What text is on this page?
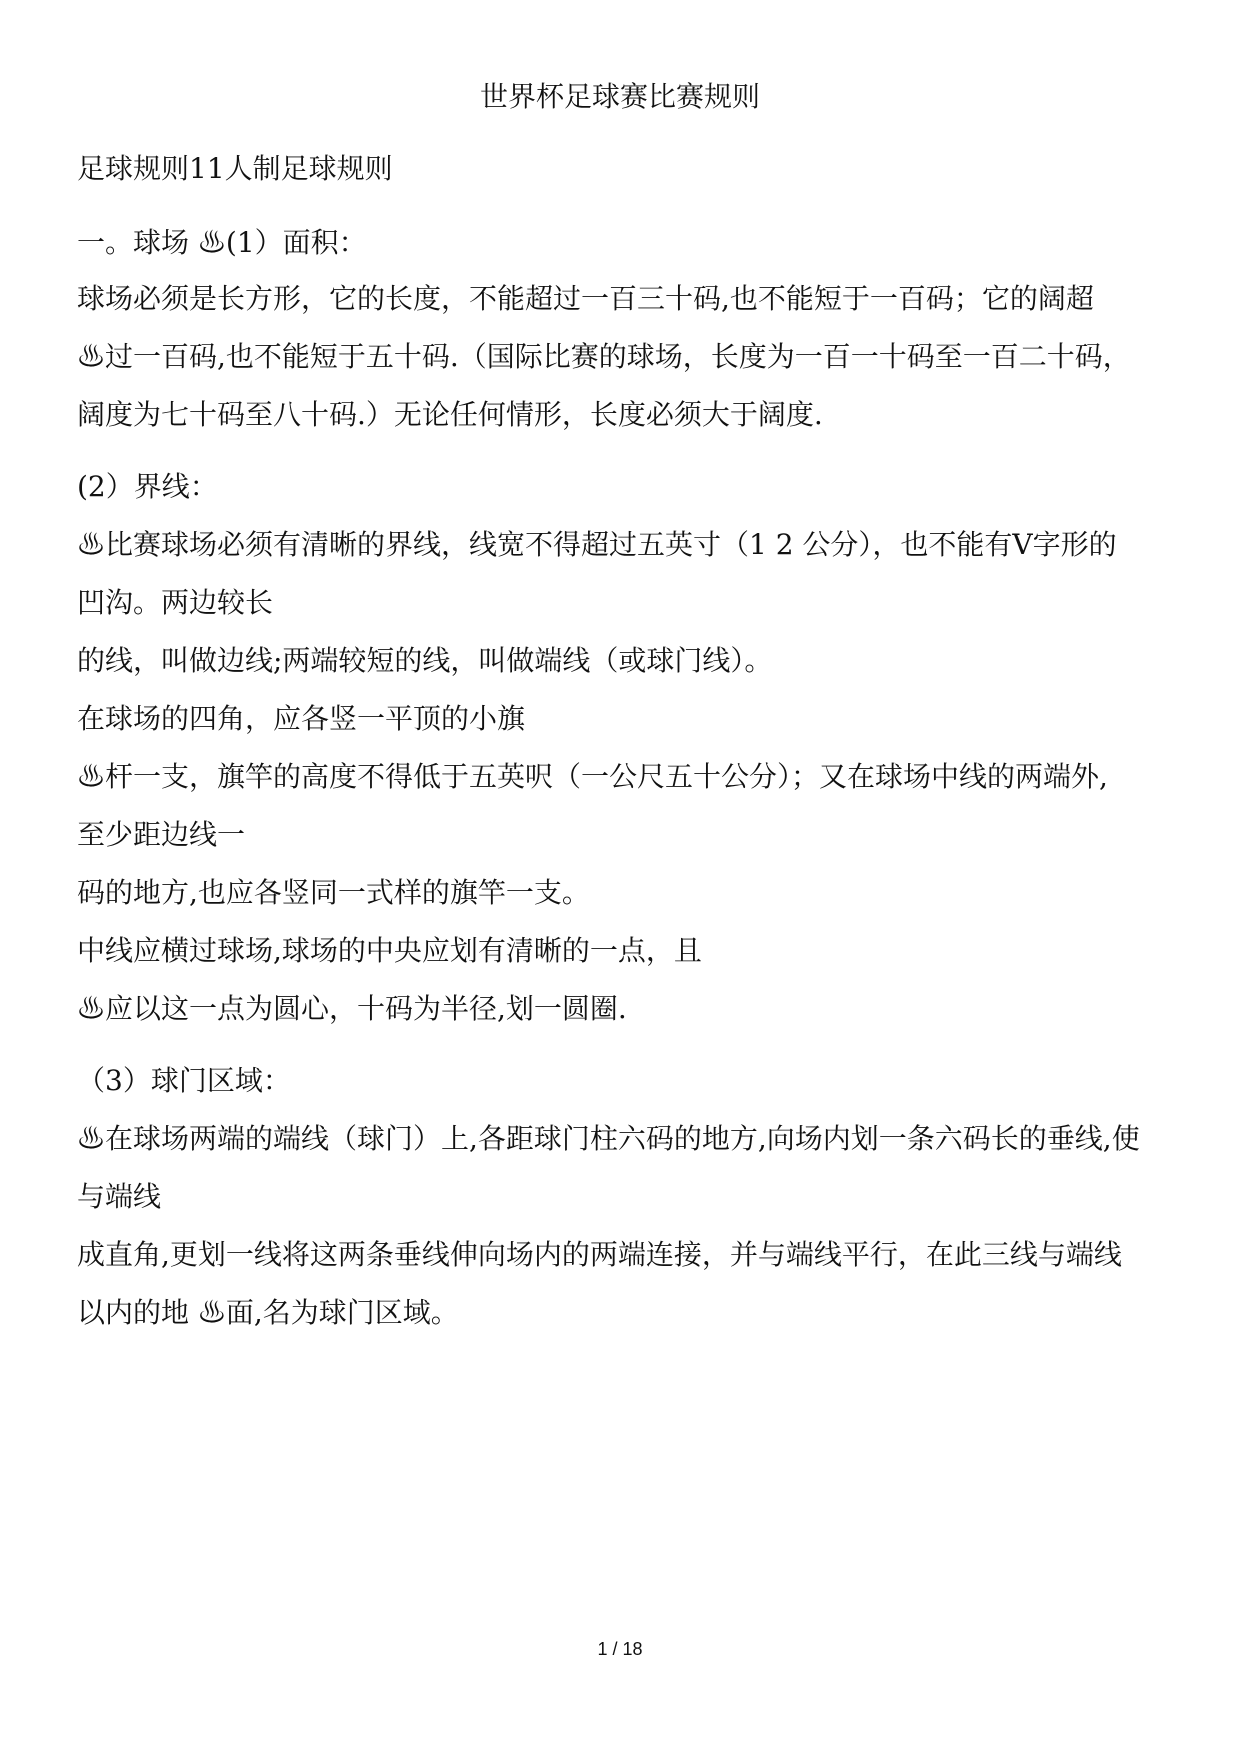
世界杯足球赛比赛规则

足球规则11人制足球规则

一。球场 ♨(1）面积：

球场必须是长方形，它的长度，不能超过一百三十码,也不能短于一百码；它的阔超

♨过一百码,也不能短于五十码.（国际比赛的球场，长度为一百一十码至一百二十码，

阔度为七十码至八十码.）无论任何情形，长度必须大于阔度.

(2）界线：

♨比赛球场必须有清晰的界线，线宽不得超过五英寸（1 2 公分），也不能有V字形的

凹沟。两边较长

的线，叫做边线;两端较短的线，叫做端线（或球门线）。

在球场的四角，应各竖一平顶的小旗

♨杆一支，旗竿的高度不得低于五英呎（一公尺五十公分）；又在球场中线的两端外,

至少距边线一

码的地方,也应各竖同一式样的旗竿一支。

中线应横过球场,球场的中央应划有清晰的一点，且

♨应以这一点为圆心，十码为半径,划一圆圈.

（3）球门区域：

♨在球场两端的端线（球门）上,各距球门柱六码的地方,向场内划一条六码长的垂线,使

与端线

成直角,更划一线将这两条垂线伸向场内的两端连接，并与端线平行，在此三线与端线

以内的地 ♨面,名为球门区域。

1 / 18
